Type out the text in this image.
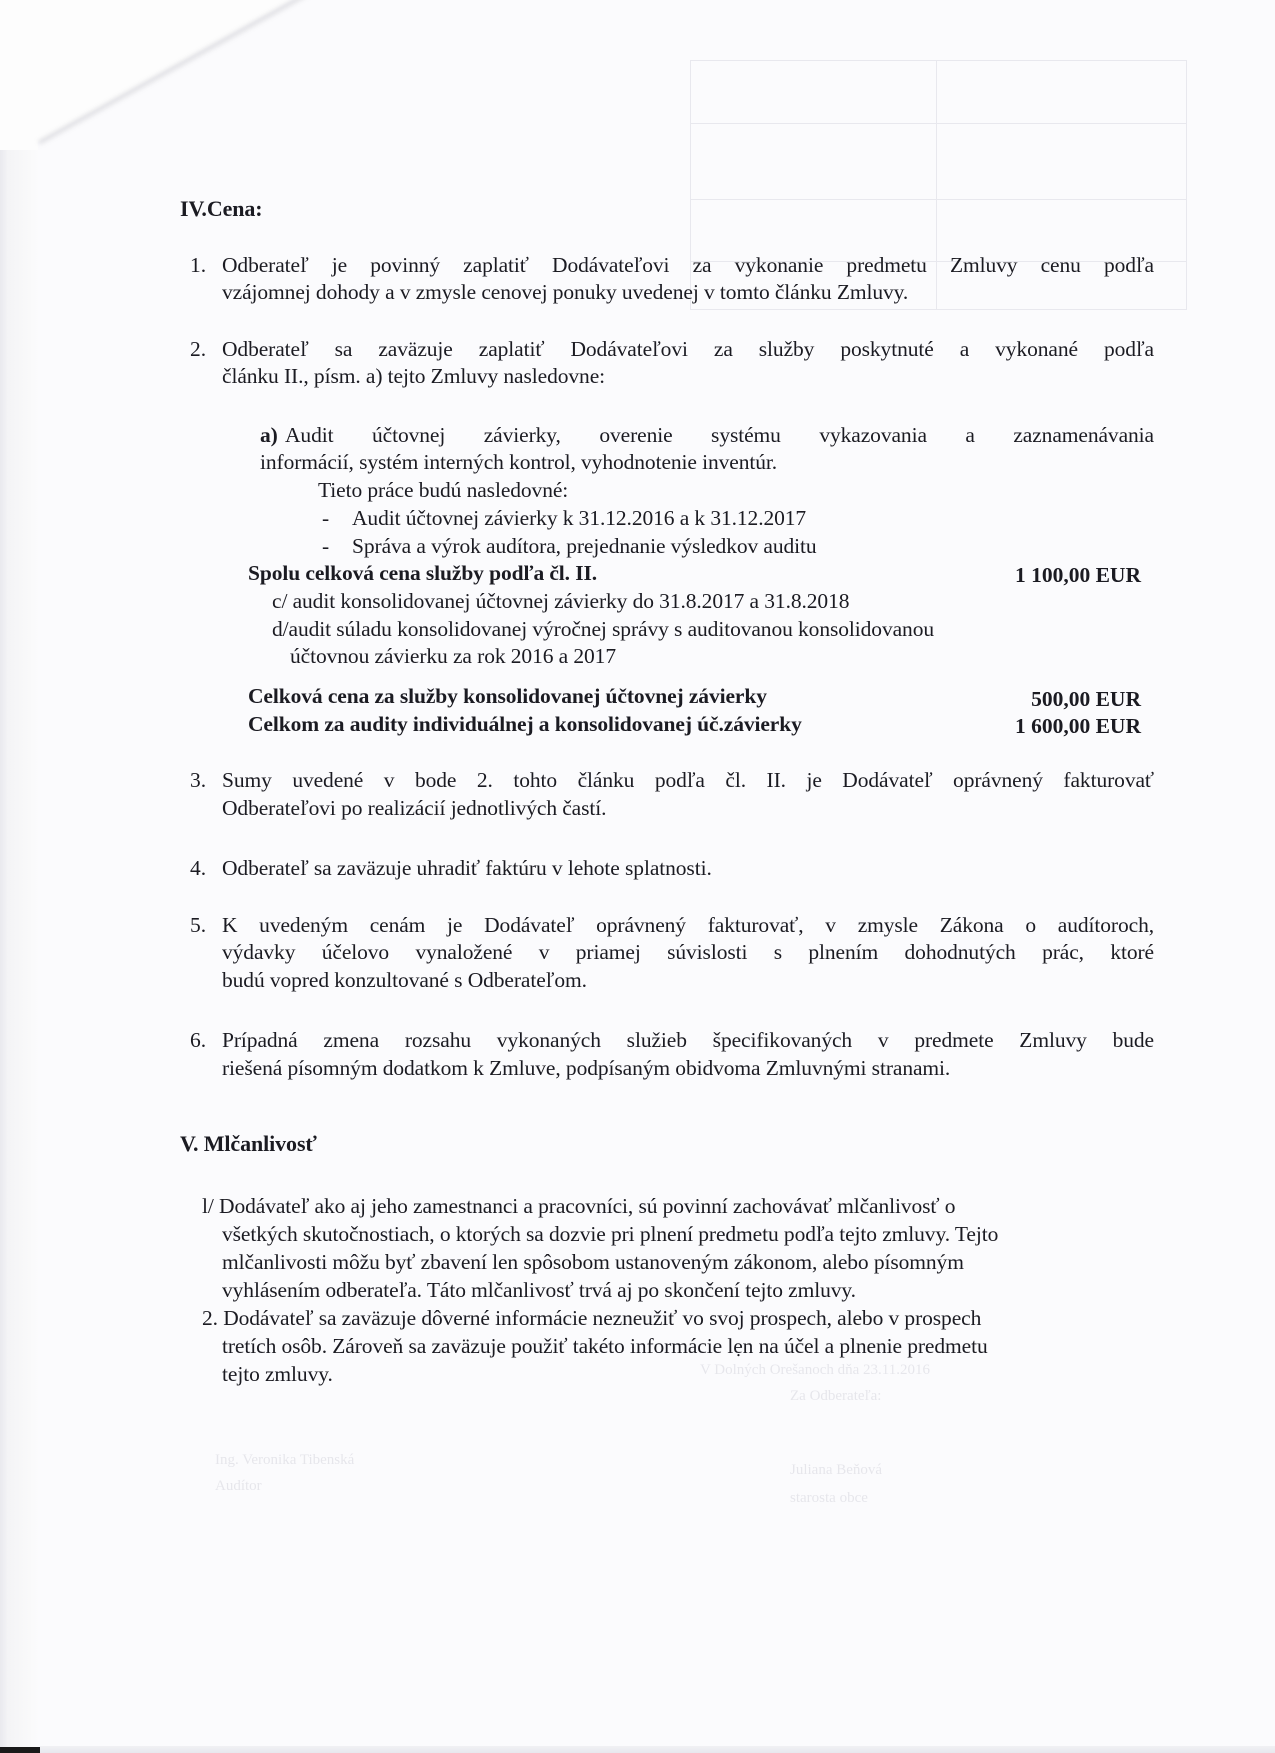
V Dolných Orešanoch dňa 23.11.2016
Za Odberateľa:
Ing. Veronika Tibenská
Audítor
Juliana Beňová
starosta obce
IV.Cena:
1. Odberateľ je povinný zaplatiť Dodávateľovi za vykonanie predmetu Zmluvy cenu podľa
vzájomnej dohody a v zmysle cenovej ponuky uvedenej v tomto článku Zmluvy.
2. Odberateľ sa zaväzuje zaplatiť Dodávateľovi za služby poskytnuté a vykonané podľa
článku II., písm. a) tejto Zmluvy nasledovne:
a) Audit účtovnej závierky, overenie systému vykazovania a zaznamenávania
informácií, systém interných kontrol, vyhodnotenie inventúr.
Tieto práce budú nasledovné:
- Audit účtovnej závierky k 31.12.2016 a k 31.12.2017
- Správa a výrok audítora, prejednanie výsledkov auditu
Spolu celková cena služby podľa čl. II.	1 100,00 EUR
c/ audit konsolidovanej účtovnej závierky do 31.8.2017 a 31.8.2018
d/audit súladu konsolidovanej výročnej správy s auditovanou konsolidovanou
účtovnou závierku za rok 2016 a 2017
Celková cena za služby konsolidovanej účtovnej závierky	500,00 EUR
Celkom za audity individuálnej a konsolidovanej úč.závierky	1 600,00 EUR
3. Sumy uvedené v bode 2. tohto článku podľa čl. II. je Dodávateľ oprávnený fakturovať
Odberateľovi po realizácií jednotlivých častí.
4. Odberateľ sa zaväzuje uhradiť faktúru v lehote splatnosti.
5. K uvedeným cenám je Dodávateľ oprávnený fakturovať, v zmysle Zákona o audítoroch,
výdavky účelovo vynaložené v priamej súvislosti s plnením dohodnutých prác, ktoré
budú vopred konzultované s Odberateľom.
6. Prípadná zmena rozsahu vykonaných služieb špecifikovaných v predmete Zmluvy bude
riešená písomným dodatkom k Zmluve, podpísaným obidvoma Zmluvnými stranami.
V. Mlčanlivosť
l/ Dodávateľ ako aj jeho zamestnanci a pracovníci, sú povinní zachovávať mlčanlivosť o
všetkých skutočnostiach, o ktorých sa dozvie pri plnení predmetu podľa tejto zmluvy. Tejto
mlčanlivosti môžu byť zbavení len spôsobom ustanoveným zákonom, alebo písomným
vyhlásením odberateľa. Táto mlčanlivosť trvá aj po skončení tejto zmluvy.
2. Dodávateľ sa zaväzuje dôverné informácie nezneužiť vo svoj prospech, alebo v prospech
tretích osôb. Zároveň sa zaväzuje použiť takéto informácie lẹn na účel a plnenie predmetu
tejto zmluvy.
